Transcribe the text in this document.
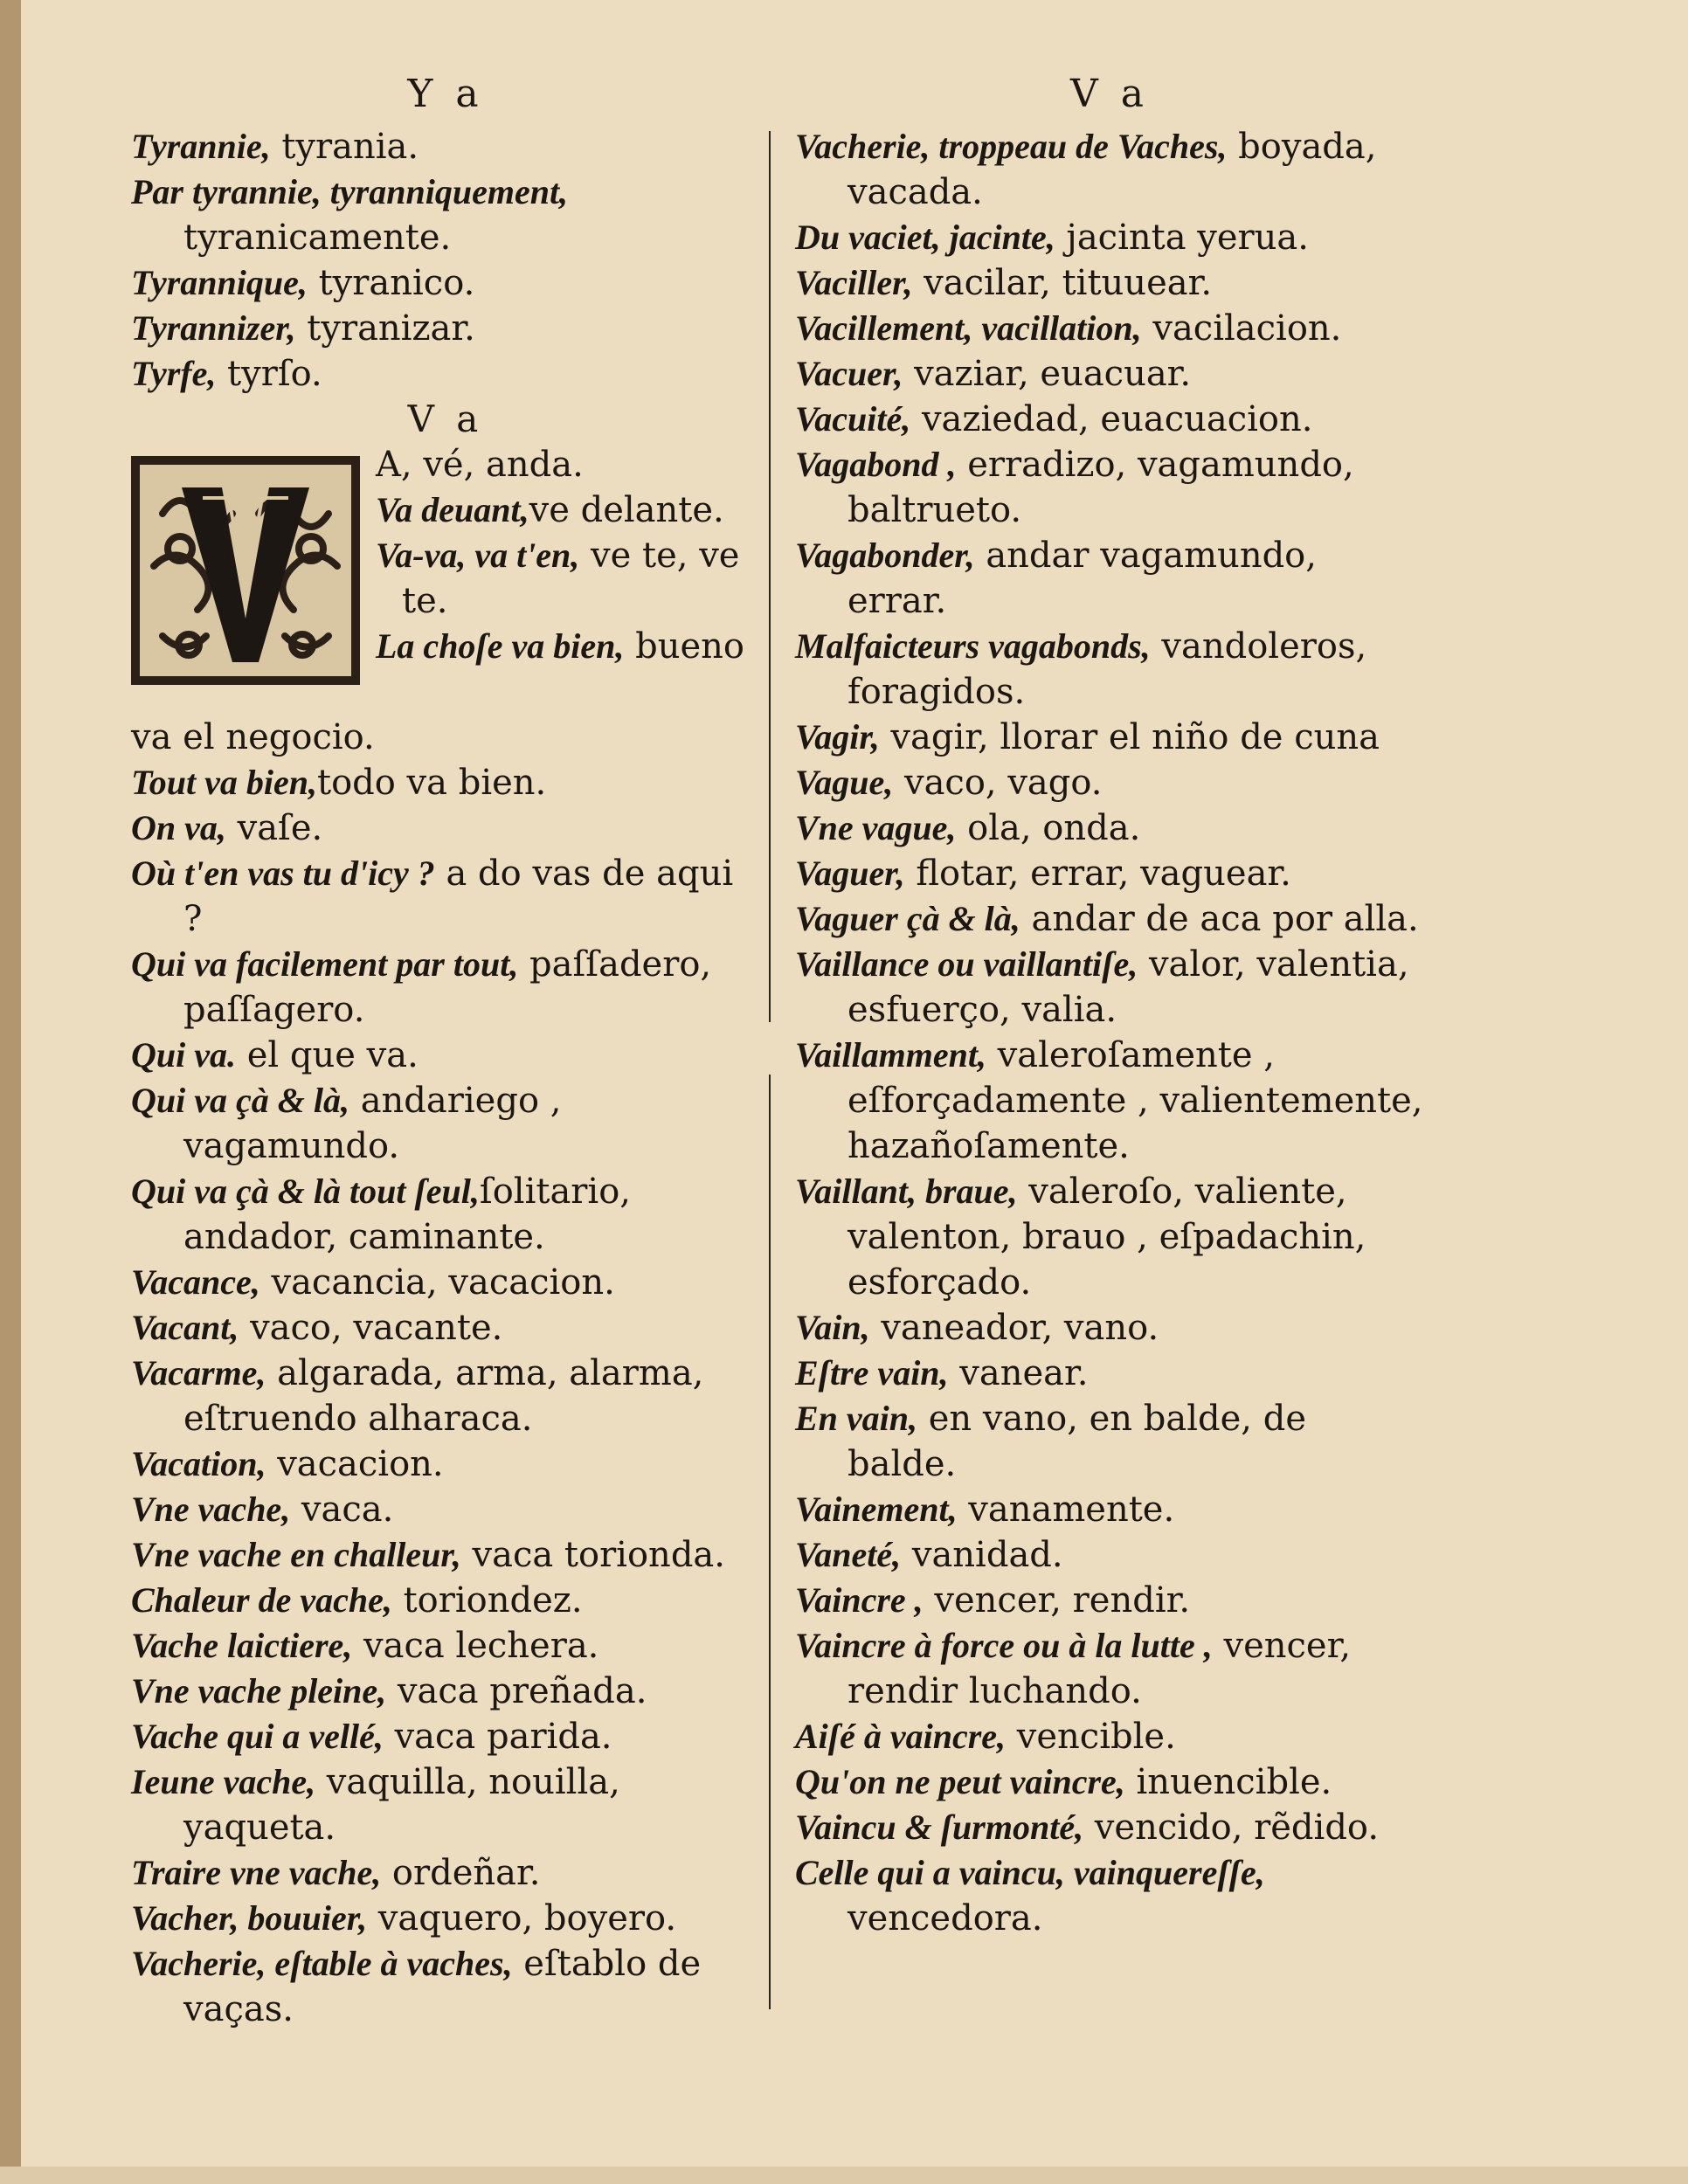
Y a
Tyrannie, tyrania.
Par tyrannie, tyranniquement, tyranicamente.
Tyrannique, tyranico.
Tyrannizer, tyranizar.
Tyrfe, tyrſo.
V a
A, vé, anda.
Va deuant,ve delante.
Va-va, va t'en, ve te, ve te.
La choſe va bien, bueno
va el negocio.
Tout va bien,todo va bien.
On va, vaſe.
Où t'en vas tu d'icy ? a do vas de aqui ?
Qui va facilement par tout, paſſadero, paſſagero.
Qui va. el que va.
Qui va çà & là, andariego , vagamundo.
Qui va çà & là tout ſeul,ſolitario, andador, caminante.
Vacance, vacancia, vacacion.
Vacant, vaco, vacante.
Vacarme, algarada, arma, alarma, eſtruendo alharaca.
Vacation, vacacion.
Vne vache, vaca.
Vne vache en challeur, vaca torionda.
Chaleur de vache, toriondez.
Vache laictiere, vaca lechera.
Vne vache pleine, vaca preñada.
Vache qui a vellé, vaca parida.
Ieune vache, vaquilla, nouilla, yaqueta.
Traire vne vache, ordeñar.
Vacher, bouuier, vaquero, boyero.
Vacherie, eſtable à vaches, eſtablo de vaças.
V a
Vacherie, troppeau de Vaches, boyada, vacada.
Du vaciet, jacinte, jacinta yerua.
Vaciller, vacilar, tituuear.
Vacillement, vacillation, vacilacion.
Vacuer, vaziar, euacuar.
Vacuité, vaziedad, euacuacion.
Vagabond , erradizo, vagamundo, baltrueto.
Vagabonder, andar vagamundo, errar.
Malfaicteurs vagabonds, vandoleros, foragidos.
Vagir, vagir, llorar el niño de cuna
Vague, vaco, vago.
Vne vague, ola, onda.
Vaguer, flotar, errar, vaguear.
Vaguer çà & là, andar de aca por alla.
Vaillance ou vaillantiſe, valor, valentia, esfuerço, valia.
Vaillamment, valeroſamente , eſforçadamente , valientemente, hazañoſamente.
Vaillant, braue, valeroſo, valiente, valenton, brauo , eſpadachin, esforçado.
Vain, vaneador, vano.
Eſtre vain, vanear.
En vain, en vano, en balde, de balde.
Vainement, vanamente.
Vaneté, vanidad.
Vaincre , vencer, rendir.
Vaincre à force ou à la lutte , vencer, rendir luchando.
Aiſé à vaincre, vencible.
Qu'on ne peut vaincre, inuencible.
Vaincu & ſurmonté, vencido, rẽdido.
Celle qui a vaincu, vainquereſſe, vencedora.
